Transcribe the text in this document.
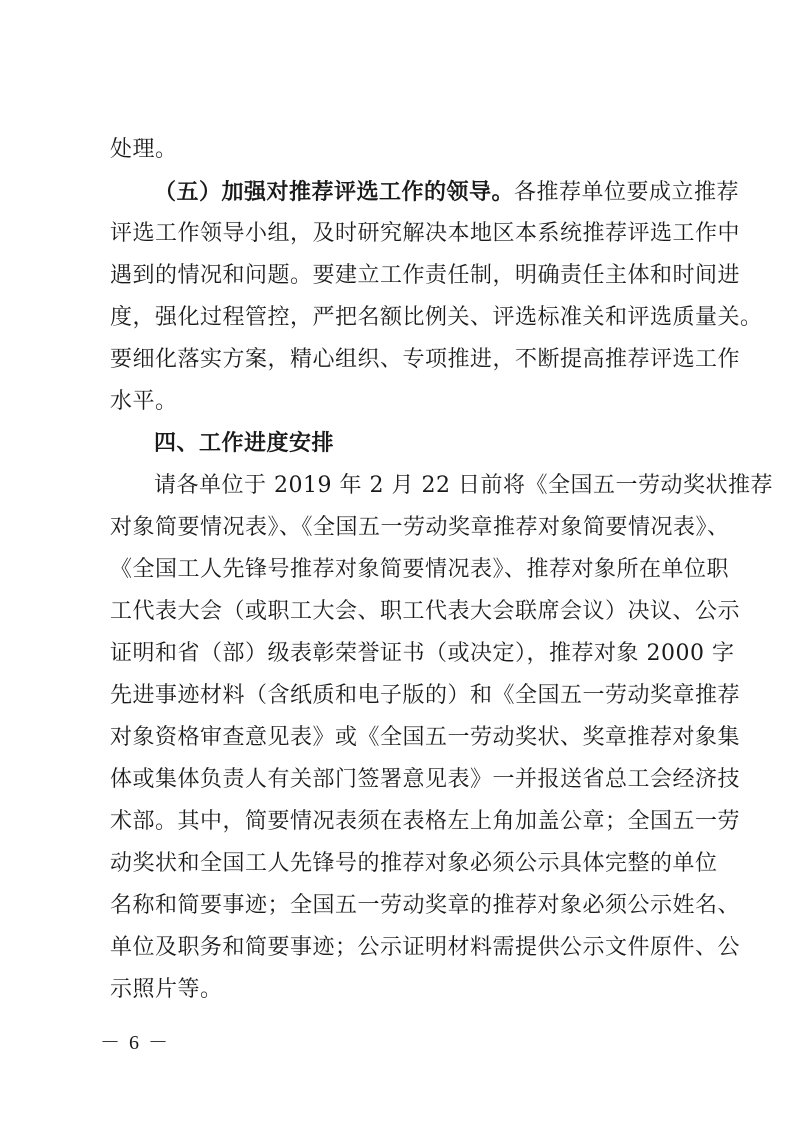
处理。
（五）加强对推荐评选工作的领导。各推荐单位要成立推荐
评选工作领导小组，及时研究解决本地区本系统推荐评选工作中
遇到的情况和问题。要建立工作责任制，明确责任主体和时间进
度，强化过程管控，严把名额比例关、评选标准关和评选质量关。
要细化落实方案，精心组织、专项推进，不断提高推荐评选工作
水平。
四、工作进度安排
请各单位于 2019 年 2 月 22 日前将《全国五一劳动奖状推荐
对象简要情况表》、《全国五一劳动奖章推荐对象简要情况表》、
《全国工人先锋号推荐对象简要情况表》、推荐对象所在单位职
工代表大会（或职工大会、职工代表大会联席会议）决议、公示
证明和省（部）级表彰荣誉证书（或决定），推荐对象 2000 字
先进事迹材料（含纸质和电子版的）和《全国五一劳动奖章推荐
对象资格审查意见表》或《全国五一劳动奖状、奖章推荐对象集
体或集体负责人有关部门签署意见表》一并报送省总工会经济技
术部。其中，简要情况表须在表格左上角加盖公章；全国五一劳
动奖状和全国工人先锋号的推荐对象必须公示具体完整的单位
名称和简要事迹；全国五一劳动奖章的推荐对象必须公示姓名、
单位及职务和简要事迹；公示证明材料需提供公示文件原件、公
示照片等。
－ 6 －
